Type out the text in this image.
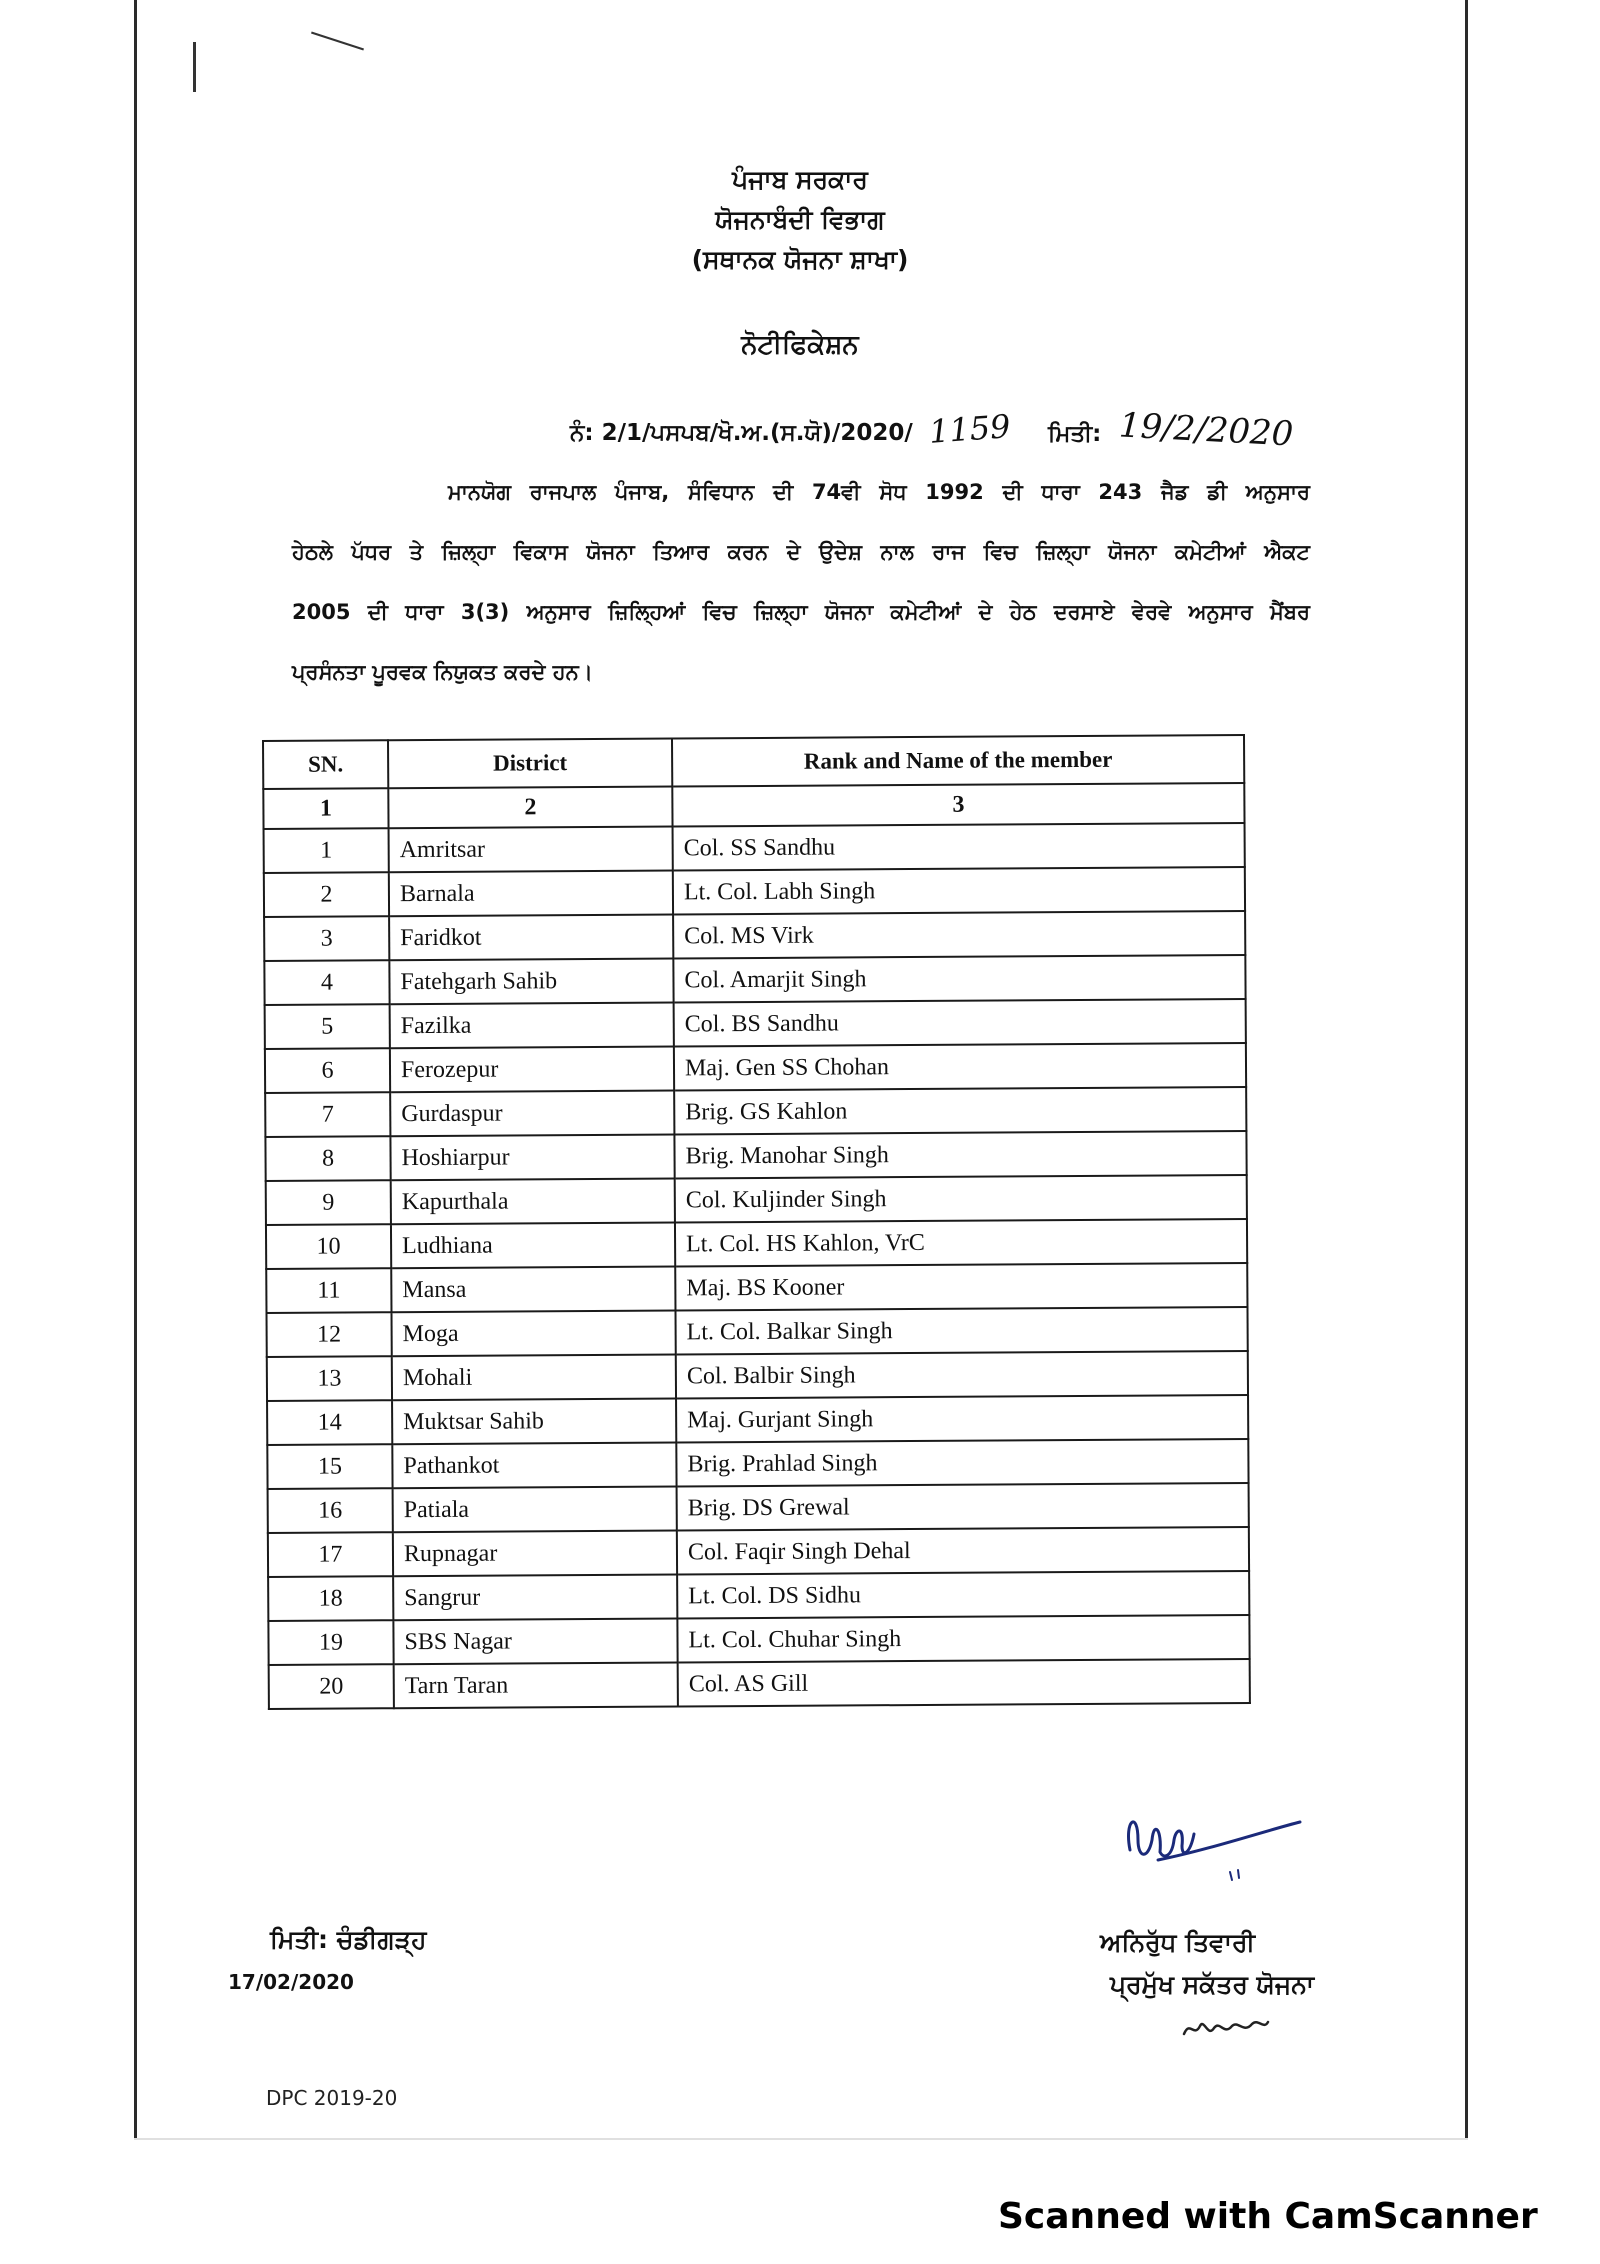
ਪੰਜਾਬ ਸਰਕਾਰ
ਯੋਜਨਾਬੰਦੀ ਵਿਭਾਗ
(ਸਥਾਨਕ ਯੋਜਨਾ ਸ਼ਾਖਾ)
ਨੋਟੀਫਿਕੇਸ਼ਨ
ਨੰ: 2/1/ਪਸਪਬ/ਖੋ.ਅ.(ਸ.ਯੋ)/2020/ 1159 ਮਿਤੀ: 19/2/2020

ਮਾਨਯੋਗ ਰਾਜਪਾਲ ਪੰਜਾਬ, ਸੰਵਿਧਾਨ ਦੀ 74ਵੀ ਸੋਧ 1992 ਦੀ ਧਾਰਾ 243 ਜੈਡ ਡੀ ਅਨੁਸਾਰ

ਹੇਠਲੇ ਪੱਧਰ ਤੇ ਜ਼ਿਲ੍ਹਾ ਵਿਕਾਸ ਯੋਜਨਾ ਤਿਆਰ ਕਰਨ ਦੇ ਉਦੇਸ਼ ਨਾਲ ਰਾਜ ਵਿਚ ਜ਼ਿਲ੍ਹਾ ਯੋਜਨਾ ਕਮੇਟੀਆਂ ਐਕਟ

2005 ਦੀ ਧਾਰਾ 3(3) ਅਨੁਸਾਰ ਜ਼ਿਲ੍ਹਿਆਂ ਵਿਚ ਜ਼ਿਲ੍ਹਾ ਯੋਜਨਾ ਕਮੇਟੀਆਂ ਦੇ ਹੇਠ ਦਰਸਾਏ ਵੇਰਵੇ ਅਨੁਸਾਰ ਮੈਂਬਰ

ਪ੍ਰਸੰਨਤਾ ਪੂਰਵਕ ਨਿਯੁਕਤ ਕਰਦੇ ਹਨ।

SN.	District	Rank and Name of the member
1	2	3
1	Amritsar	Col. SS Sandhu
2	Barnala	Lt. Col. Labh Singh
3	Faridkot	Col. MS Virk
4	Fatehgarh Sahib	Col. Amarjit Singh
5	Fazilka	Col. BS Sandhu
6	Ferozepur	Maj. Gen SS Chohan
7	Gurdaspur	Brig. GS Kahlon
8	Hoshiarpur	Brig. Manohar Singh
9	Kapurthala	Col. Kuljinder Singh
10	Ludhiana	Lt. Col. HS Kahlon, VrC
11	Mansa	Maj. BS Kooner
12	Moga	Lt. Col. Balkar Singh
13	Mohali	Col. Balbir Singh
14	Muktsar Sahib	Maj. Gurjant Singh
15	Pathankot	Brig. Prahlad Singh
16	Patiala	Brig. DS Grewal
17	Rupnagar	Col. Faqir Singh Dehal
18	Sangrur	Lt. Col. DS Sidhu
19	SBS Nagar	Lt. Col. Chuhar Singh
20	Tarn Taran	Col. AS Gill
ਮਿਤੀ: ਚੰਡੀਗੜ੍ਹ
17/02/2020
ਅਨਿਰੁੱਧ ਤਿਵਾਰੀ
ਪ੍ਰਮੁੱਖ ਸਕੱਤਰ ਯੋਜਨਾ
DPC 2019-20
Scanned with CamScanner
